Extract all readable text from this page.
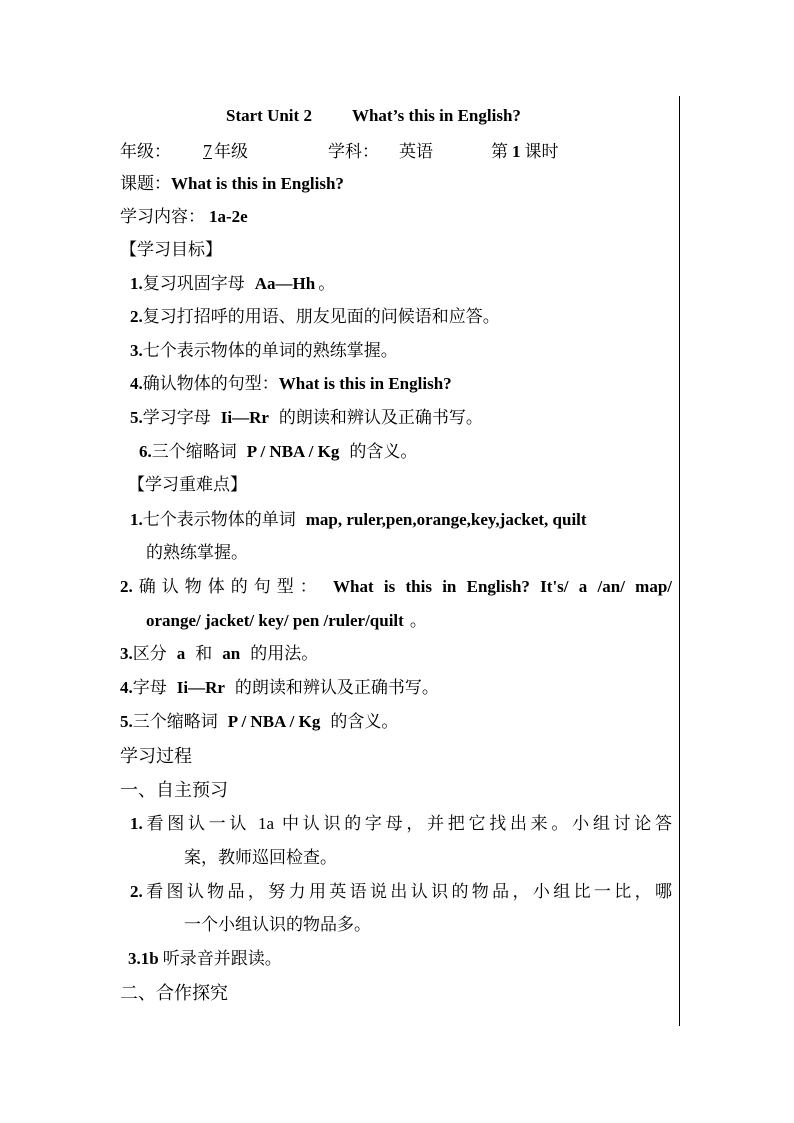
Start Unit 2 What’s this in English?
年级： 7 年级	学科： 英语	第 1 课时
课题：What is this in English?
学习内容： 1a-2e
【学习目标】
1.复习巩固字母 Aa—Hh 。
2.复习打招呼的用语、朋友见面的问候语和应答。
3.七个表示物体的单词的熟练掌握。
4.确认物体的句型：What is this in English?
5.学习字母 Ii—Rr 的朗读和辨认及正确书写。
6.三个缩略词 P / NBA / Kg 的含义。
【学习重难点】
1.七个表示物体的单词 map, ruler,pen,orange,key,jacket, quilt
的熟练掌握。
2.确认物体的句型： What is this in English? It's/ a /an/ map/
orange/ jacket/ key/ pen /ruler/quilt 。
3.区分 a 和 an 的用法。
4.字母 Ii—Rr 的朗读和辨认及正确书写。
5.三个缩略词 P / NBA / Kg 的含义。
学习过程
一、自主预习
1.看图认一认 1a 中认识的字母，并把它找出来。小组讨论答
案，教师巡回检查。
2.看图认物品，努力用英语说出认识的物品，小组比一比，哪
一个小组认识的物品多。
3.1b 听录音并跟读。
二、合作探究
